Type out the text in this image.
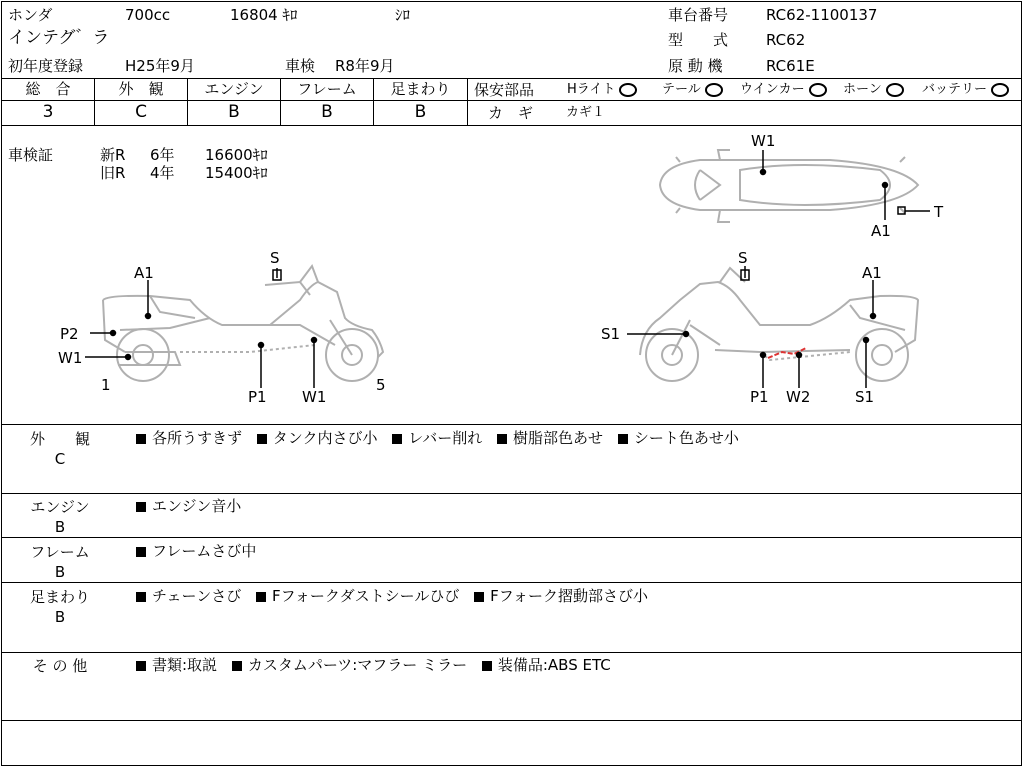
ホンダ	700cc	16804 ｷﾛ	ｼﾛ	車台番号	RC62-1100137
インテグ゛ラ	型　　式	RC62
初年度登録	H25年9月	車検 R8年9月	原 動 機	RC61E
総　合	外　観	エンジン	フレーム	足まわり
3	C	B	B	B
保安部品	Hライト	テール	ウインカー	ホーン	バッテリー
カ　ギ	カギ１
車検証	新R 6年 16600ｷﾛ
旧R 4年 15400ｷﾛ
A1
S
P2
W1
1
P1 W1
5
S
A1
S1
P1 W2	S1
W1
T
A1
外　　観
C
各所うすきず タンク内さび小 レバー削れ 樹脂部色あせ シート色あせ小
エンジン
B
エンジン音小
フレーム
B
フレームさび中
足まわり
B
チェーンさび Fフォークダストシールひび Fフォーク摺動部さび小
そ の 他	書類:取説 カスタムパーツ:マフラー ミラー 装備品:ABS ETC
